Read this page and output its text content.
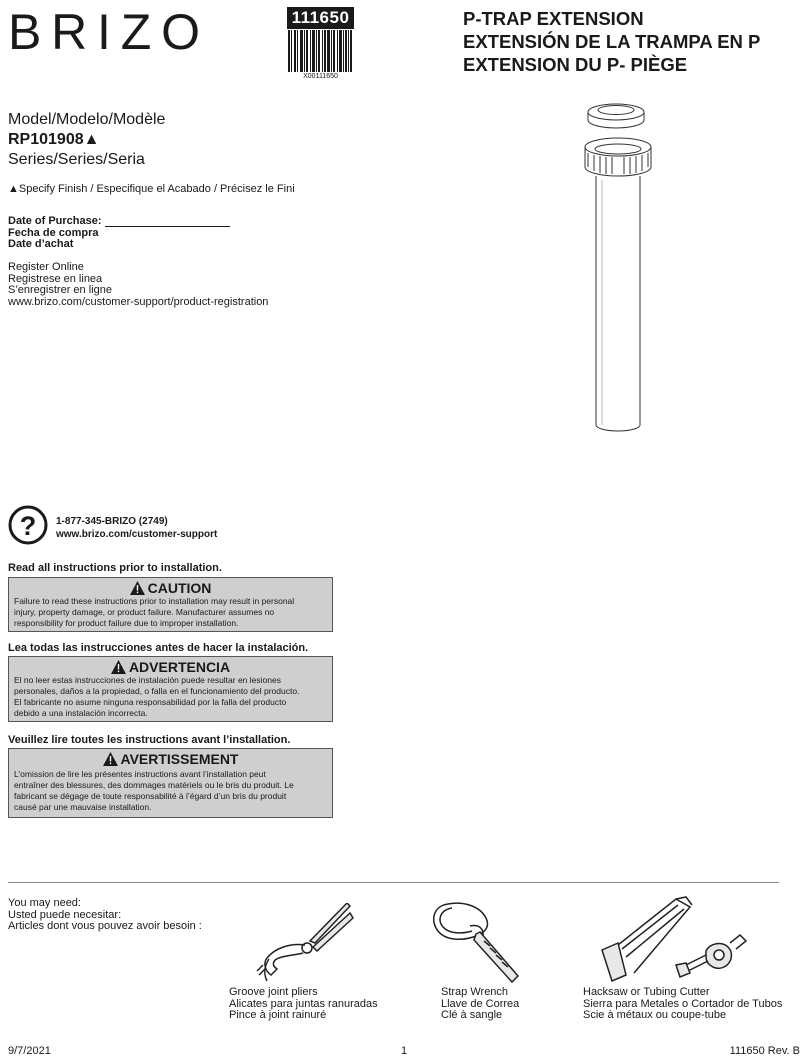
BRIZO	111650
X00111650
P-TRAP EXTENSION
EXTENSIÓN DE LA TRAMPA EN P
EXTENSION DU P- PIÈGE
Model/Modelo/Modèle
RP101908▲
Series/Series/Seria
▲Specify Finish / Especifique el Acabado / Précisez le Fini
Date of Purchase:
Fecha de compra
Date d’achat
Register Online
Registrese en linea
S’enregistrer en ligne
www.brizo.com/customer-support/product-registration
? 1-877-345-BRIZO (2749)
www.brizo.com/customer-support
Read all instructions prior to installation.
CAUTION
Failure to read these instructions prior to installation may result in personal
injury, property damage, or product failure. Manufacturer assumes no
responsibility for product failure due to improper installation.
Lea todas las instrucciones antes de hacer la instalación.
ADVERTENCIA
El no leer estas instrucciones de instalación puede resultar en lesiones
personales, daños a la propiedad, o falla en el funcionamiento del producto.
El fabricante no asume ninguna responsabilidad por la falla del producto
debido a una instalación incorrecta.
Veuillez lire toutes les instructions avant l’installation.
AVERTISSEMENT
L’omission de lire les présentes instructions avant l’installation peut
entraîner des blessures, des dommages matériels ou le bris du produit. Le
fabricant se dégage de toute responsabilité à l’égard d’un bris du produit
causé par une mauvaise installation.
You may need:
Usted puede necesitar:
Articles dont vous pouvez avoir besoin :
Groove joint pliers
Alicates para juntas ranuradas
Pince à joint rainuré
Strap Wrench
Llave de Correa
Clé à sangle
Hacksaw or Tubing Cutter
Sierra para Metales o Cortador de Tubos
Scie à métaux ou coupe-tube
9/7/2021	1	111650 Rev. B
